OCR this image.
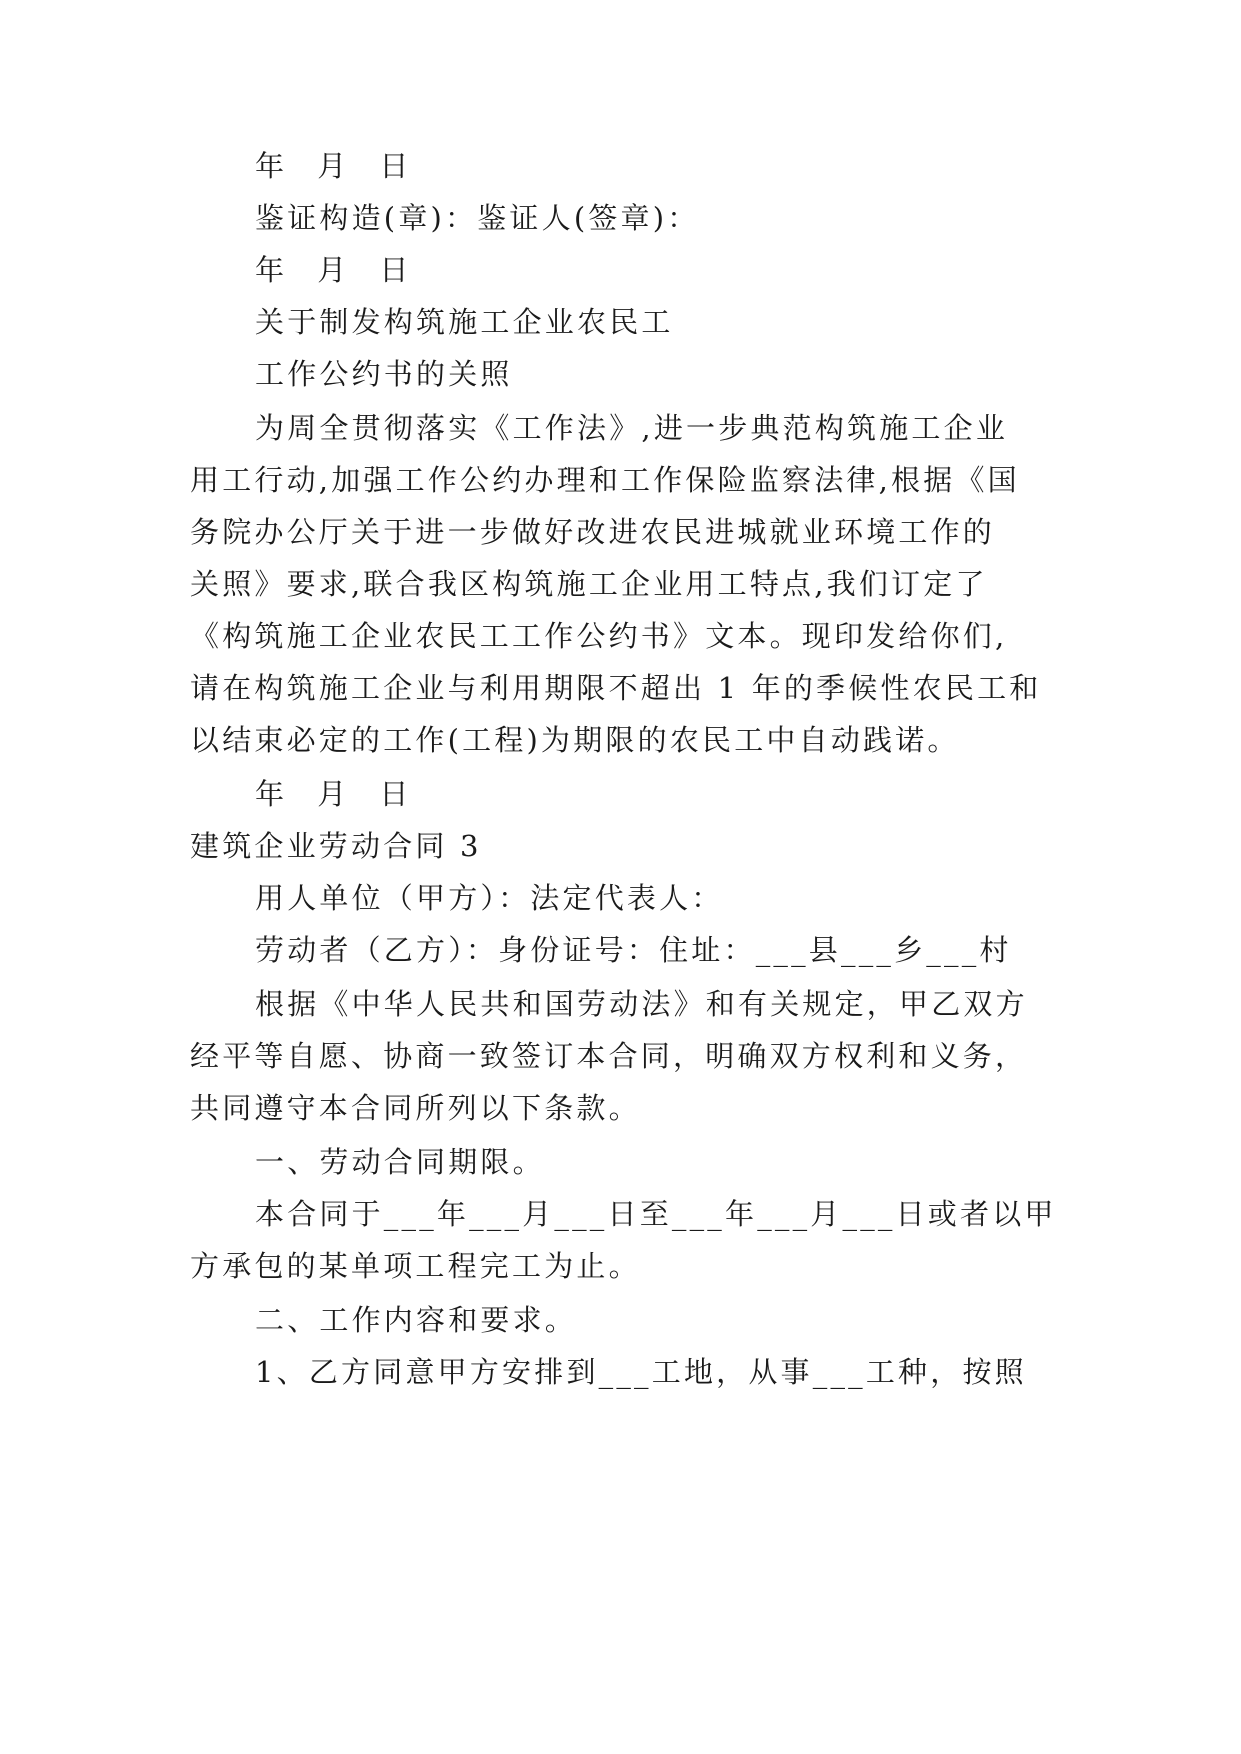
年 月 日
鉴证构造(章)：鉴证人(签章)：
年 月 日
关于制发构筑施工企业农民工
工作公约书的关照
为周全贯彻落实《工作法》,进一步典范构筑施工企业
用工行动,加强工作公约办理和工作保险监察法律,根据《国
务院办公厅关于进一步做好改进农民进城就业环境工作的
关照》要求,联合我区构筑施工企业用工特点,我们订定了
《构筑施工企业农民工工作公约书》文本。现印发给你们,
请在构筑施工企业与利用期限不超出 1 年的季候性农民工和
以结束必定的工作(工程)为期限的农民工中自动践诺。
年 月 日
建筑企业劳动合同 3
用人单位（甲方）：法定代表人：
劳动者（乙方）：身份证号：住址：___县___乡___村
根据《中华人民共和国劳动法》和有关规定，甲乙双方
经平等自愿、协商一致签订本合同，明确双方权利和义务，
共同遵守本合同所列以下条款。
一、劳动合同期限。
本合同于___年___月___日至___年___月___日或者以甲
方承包的某单项工程完工为止。
二、工作内容和要求。
1、乙方同意甲方安排到___工地，从事___工种，按照
